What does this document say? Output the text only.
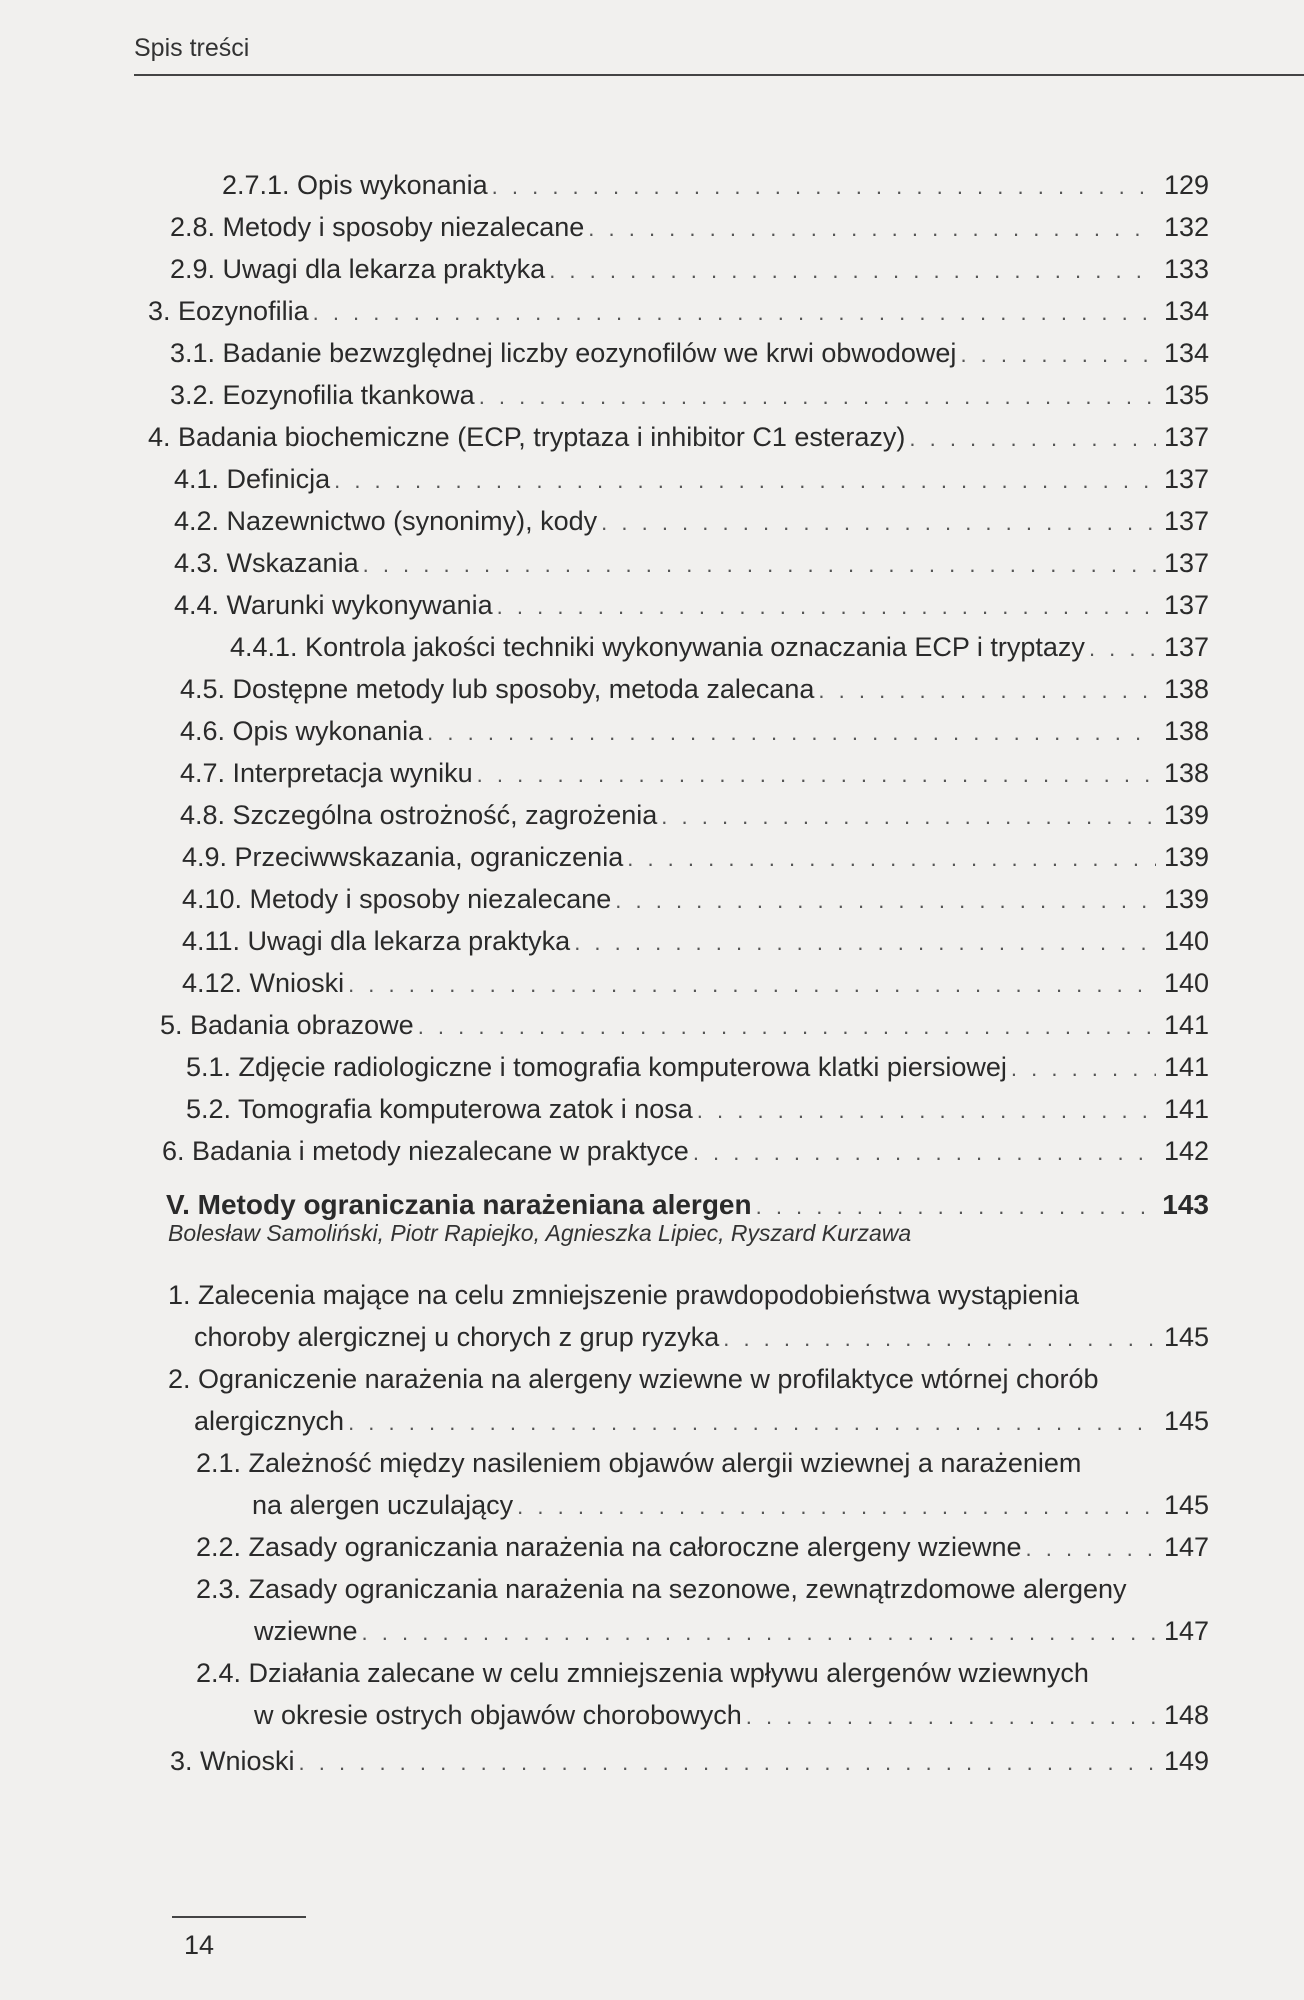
Spis treści
2.7.1. Opis wykonania . . .	129
2.8. Metody i sposoby niezalecane . . .	132
2.9. Uwagi dla lekarza praktyka . . .	133
3. Eozynofilia . . .	134
3.1. Badanie bezwzględnej liczby eozynofilów we krwi obwodowej . . .	134
3.2. Eozynofilia tkankowa . . .	135
4. Badania biochemiczne (ECP, tryptaza i inhibitor C1 esterazy) . . .	137
4.1. Definicja . . .	137
4.2. Nazewnictwo (synonimy), kody . . .	137
4.3. Wskazania . . .	137
4.4. Warunki wykonywania . . .	137
4.4.1. Kontrola jakości techniki wykonywania oznaczania ECP i tryptazy . . .	137
4.5. Dostępne metody lub sposoby, metoda zalecana . . .	138
4.6. Opis wykonania . . .	138
4.7. Interpretacja wyniku . . .	138
4.8. Szczególna ostrożność, zagrożenia . . .	139
4.9. Przeciwwskazania, ograniczenia . . .	139
4.10. Metody i sposoby niezalecane . . .	139
4.11. Uwagi dla lekarza praktyka . . .	140
4.12. Wnioski . . .	140
5. Badania obrazowe . . .	141
5.1. Zdjęcie radiologiczne i tomografia komputerowa klatki piersiowej . . .	141
5.2. Tomografia komputerowa zatok i nosa . . .	141
6. Badania i metody niezalecane w praktyce . . .	142
V. Metody ograniczania narażeniana alergen . . .	143
Bolesław Samoliński, Piotr Rapiejko, Agnieszka Lipiec, Ryszard Kurzawa
1. Zalecenia mające na celu zmniejszenie prawdopodobieństwa wystąpienia
choroby alergicznej u chorych z grup ryzyka . . .	145
2. Ograniczenie narażenia na alergeny wziewne w profilaktyce wtórnej chorób
alergicznych . . .	145
2.1. Zależność między nasileniem objawów alergii wziewnej a narażeniem
na alergen uczulający . . .	145
2.2. Zasady ograniczania narażenia na całoroczne alergeny wziewne . . .	147
2.3. Zasady ograniczania narażenia na sezonowe, zewnątrzdomowe alergeny
wziewne . . .	147
2.4. Działania zalecane w celu zmniejszenia wpływu alergenów wziewnych
w okresie ostrych objawów chorobowych . . .	148
3. Wnioski . . .	149
14
